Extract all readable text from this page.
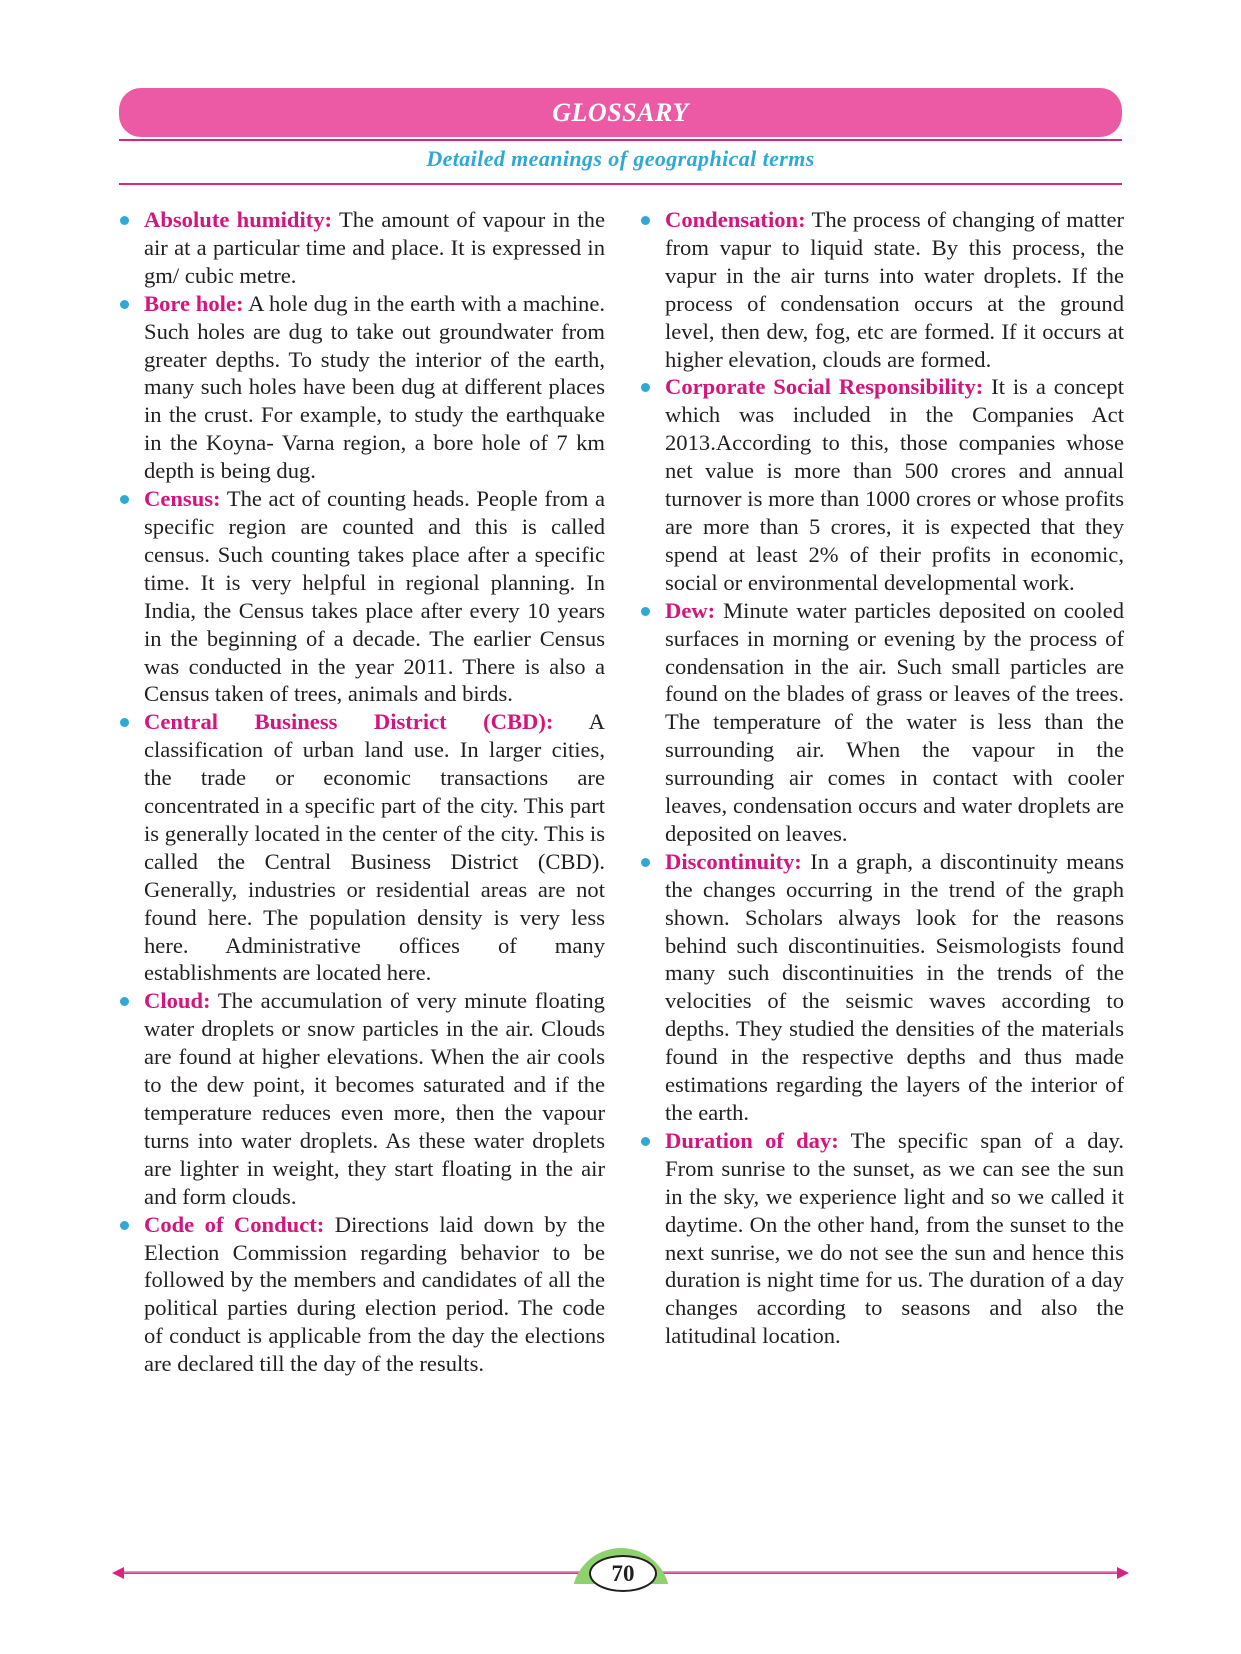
GLOSSARY
Detailed meanings of geographical terms

Absolute humidity: The amount of vapour in the air at a particular time and place. It is expressed in gm/ cubic metre.

Bore hole: A hole dug in the earth with a machine. Such holes are dug to take out groundwater from greater depths. To study the interior of the earth, many such holes have been dug at different places in the crust. For example, to study the earthquake in the Koyna- Varna region, a bore hole of 7 km depth is being dug.

Census: The act of counting heads. People from a specific region are counted and this is called census. Such counting takes place after a specific time. It is very helpful in regional planning. In India, the Census takes place after every 10 years in the beginning of a decade. The earlier Census was conducted in the year 2011. There is also a Census taken of trees, animals and birds.

Central Business District (CBD): A classification of urban land use. In larger cities, the trade or economic transactions are concentrated in a specific part of the city. This part is generally located in the center of the city. This is called the Central Business District (CBD). Generally, industries or residential areas are not found here. The population density is very less here. Administrative offices of many establishments are located here.

Cloud: The accumulation of very minute floating water droplets or snow particles in the air. Clouds are found at higher elevations. When the air cools to the dew point, it becomes saturated and if the temperature reduces even more, then the vapour turns into water droplets. As these water droplets are lighter in weight, they start floating in the air and form clouds.

Code of Conduct: Directions laid down by the Election Commission regarding behavior to be followed by the members and candidates of all the political parties during election period. The code of conduct is applicable from the day the elections are declared till the day of the results.

Condensation: The process of changing of matter from vapur to liquid state. By this process, the vapur in the air turns into water droplets. If the process of condensation occurs at the ground level, then dew, fog, etc are formed. If it occurs at higher elevation, clouds are formed.

Corporate Social Responsibility: It is a concept which was included in the Companies Act 2013.According to this, those companies whose net value is more than 500 crores and annual turnover is more than 1000 crores or whose profits are more than 5 crores, it is expected that they spend at least 2% of their profits in economic, social or environmental developmental work.

Dew: Minute water particles deposited on cooled surfaces in morning or evening by the process of condensation in the air. Such small particles are found on the blades of grass or leaves of the trees. The temperature of the water is less than the surrounding air. When the vapour in the surrounding air comes in contact with cooler leaves, condensation occurs and water droplets are deposited on leaves.

Discontinuity: In a graph, a discontinuity means the changes occurring in the trend of the graph shown. Scholars always look for the reasons behind such discontinuities. Seismologists found many such discontinuities in the trends of the velocities of the seismic waves according to depths. They studied the densities of the materials found in the respective depths and thus made estimations regarding the layers of the interior of the earth.

Duration of day: The specific span of a day. From sunrise to the sunset, as we can see the sun in the sky, we experience light and so we called it daytime. On the other hand, from the sunset to the next sunrise, we do not see the sun and hence this duration is night time for us. The duration of a day changes according to seasons and also the latitudinal location.

70
